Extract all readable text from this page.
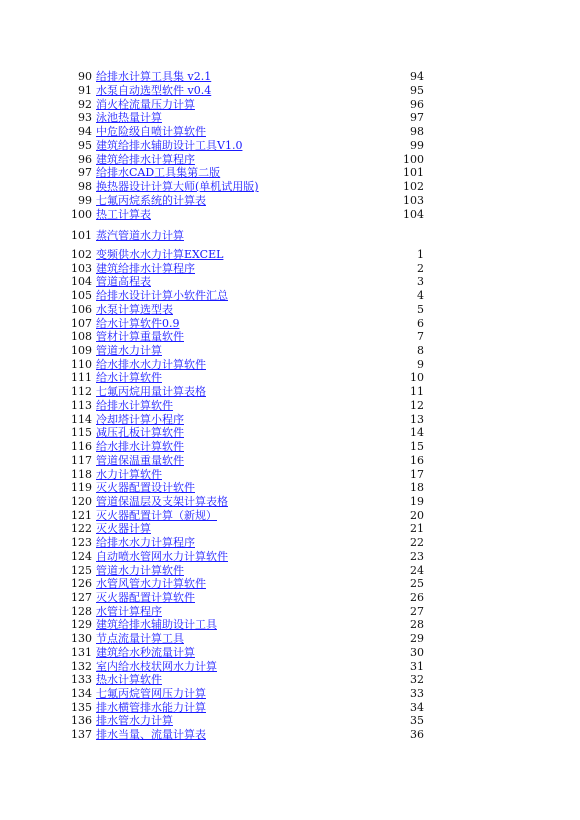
90 给排水计算工具集 v2.1	94
91 水泵自动选型软件 v0.4	95
92 消火栓流量压力计算	96
93 泳池热量计算	97
94 中危险级自喷计算软件	98
95 建筑给排水辅助设计工具V1.0	99
96 建筑给排水计算程序	100
97 给排水CAD工具集第二版	101
98 换热器设计计算大师(单机试用版)	102
99 七氟丙烷系统的计算表	103
100 热工计算表	104
101 蒸汽管道水力计算
102 变频供水水力计算EXCEL	1
103 建筑给排水计算程序	2
104 管道高程表	3
105 给排水设计计算小软件汇总	4
106 水泵计算选型表	5
107 给水计算软件0.9	6
108 管材计算重量软件	7
109 管道水力计算	8
110 给水排水水力计算软件	9
111 给水计算软件	10
112 七氟丙烷用量计算表格	11
113 给排水计算软件	12
114 冷却塔计算小程序	13
115 减压孔板计算软件	14
116 给水排水计算软件	15
117 管道保温重量软件	16
118 水力计算软件	17
119 灭火器配置设计软件	18
120 管道保温层及支架计算表格	19
121 灭火器配置计算（新规）	20
122 灭火器计算	21
123 给排水水力计算程序	22
124 自动喷水管网水力计算软件	23
125 管道水力计算软件	24
126 水管风管水力计算软件	25
127 灭火器配置计算软件	26
128 水管计算程序	27
129 建筑给排水辅助设计工具	28
130 节点流量计算工具	29
131 建筑给水秒流量计算	30
132 室内给水枝状网水力计算	31
133 热水计算软件	32
134 七氟丙烷管网压力计算	33
135 排水横管排水能力计算	34
136 排水管水力计算	35
137 排水当量、流量计算表	36
